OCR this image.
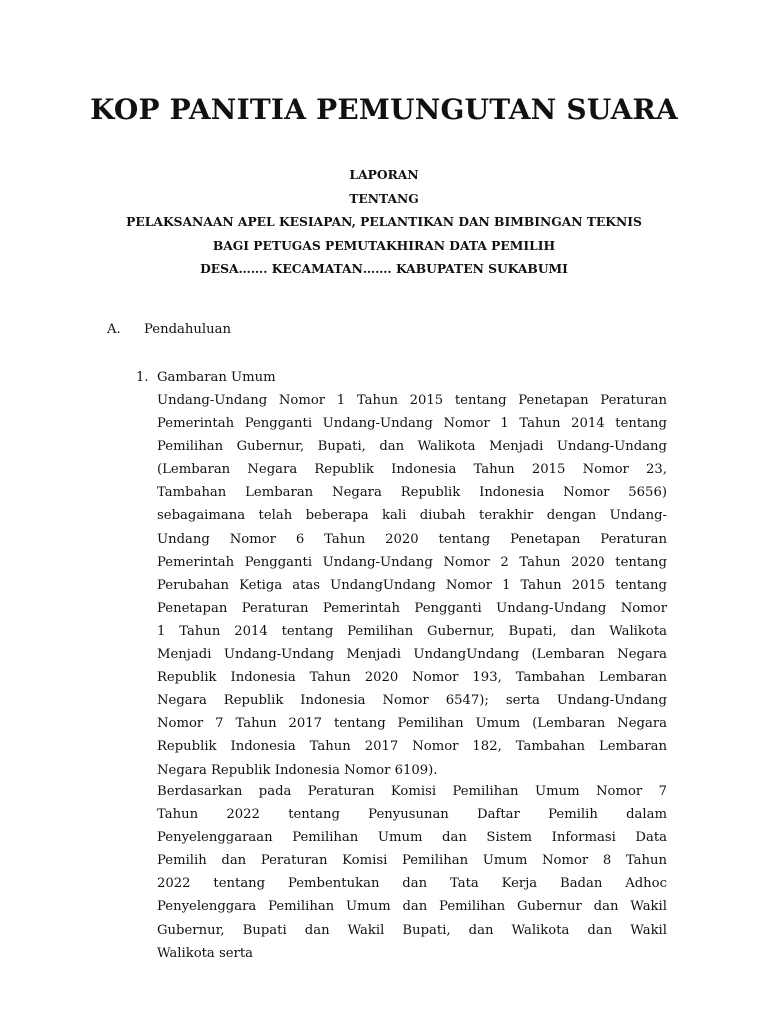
KOP PANITIA PEMUNGUTAN SUARA
LAPORAN
TENTANG
PELAKSANAAN APEL KESIAPAN, PELANTIKAN DAN BIMBINGAN TEKNIS
BAGI PETUGAS PEMUTAKHIRAN DATA PEMILIH
DESA……. KECAMATAN……. KABUPATEN SUKABUMI
A. Pendahuluan
1. Gambaran Umum
Undang-Undang Nomor 1 Tahun 2015 tentang Penetapan Peraturan
Pemerintah Pengganti Undang-Undang Nomor 1 Tahun 2014 tentang
Pemilihan Gubernur, Bupati, dan Walikota Menjadi Undang-Undang
(Lembaran Negara Republik Indonesia Tahun 2015 Nomor 23,
Tambahan Lembaran Negara Republik Indonesia Nomor 5656)
sebagaimana telah beberapa kali diubah terakhir dengan Undang-
Undang Nomor 6 Tahun 2020 tentang Penetapan Peraturan
Pemerintah Pengganti Undang-Undang Nomor 2 Tahun 2020 tentang
Perubahan Ketiga atas UndangUndang Nomor 1 Tahun 2015 tentang
Penetapan Peraturan Pemerintah Pengganti Undang-Undang Nomor
1 Tahun 2014 tentang Pemilihan Gubernur, Bupati, dan Walikota
Menjadi Undang-Undang Menjadi UndangUndang (Lembaran Negara
Republik Indonesia Tahun 2020 Nomor 193, Tambahan Lembaran
Negara Republik Indonesia Nomor 6547); serta Undang-Undang
Nomor 7 Tahun 2017 tentang Pemilihan Umum (Lembaran Negara
Republik Indonesia Tahun 2017 Nomor 182, Tambahan Lembaran
Negara Republik Indonesia Nomor 6109).
Berdasarkan pada Peraturan Komisi Pemilihan Umum Nomor 7
Tahun 2022 tentang Penyusunan Daftar Pemilih dalam
Penyelenggaraan Pemilihan Umum dan Sistem Informasi Data
Pemilih dan Peraturan Komisi Pemilihan Umum Nomor 8 Tahun
2022 tentang Pembentukan dan Tata Kerja Badan Adhoc
Penyelenggara Pemilihan Umum dan Pemilihan Gubernur dan Wakil
Gubernur, Bupati dan Wakil Bupati, dan Walikota dan Wakil
Walikota serta
